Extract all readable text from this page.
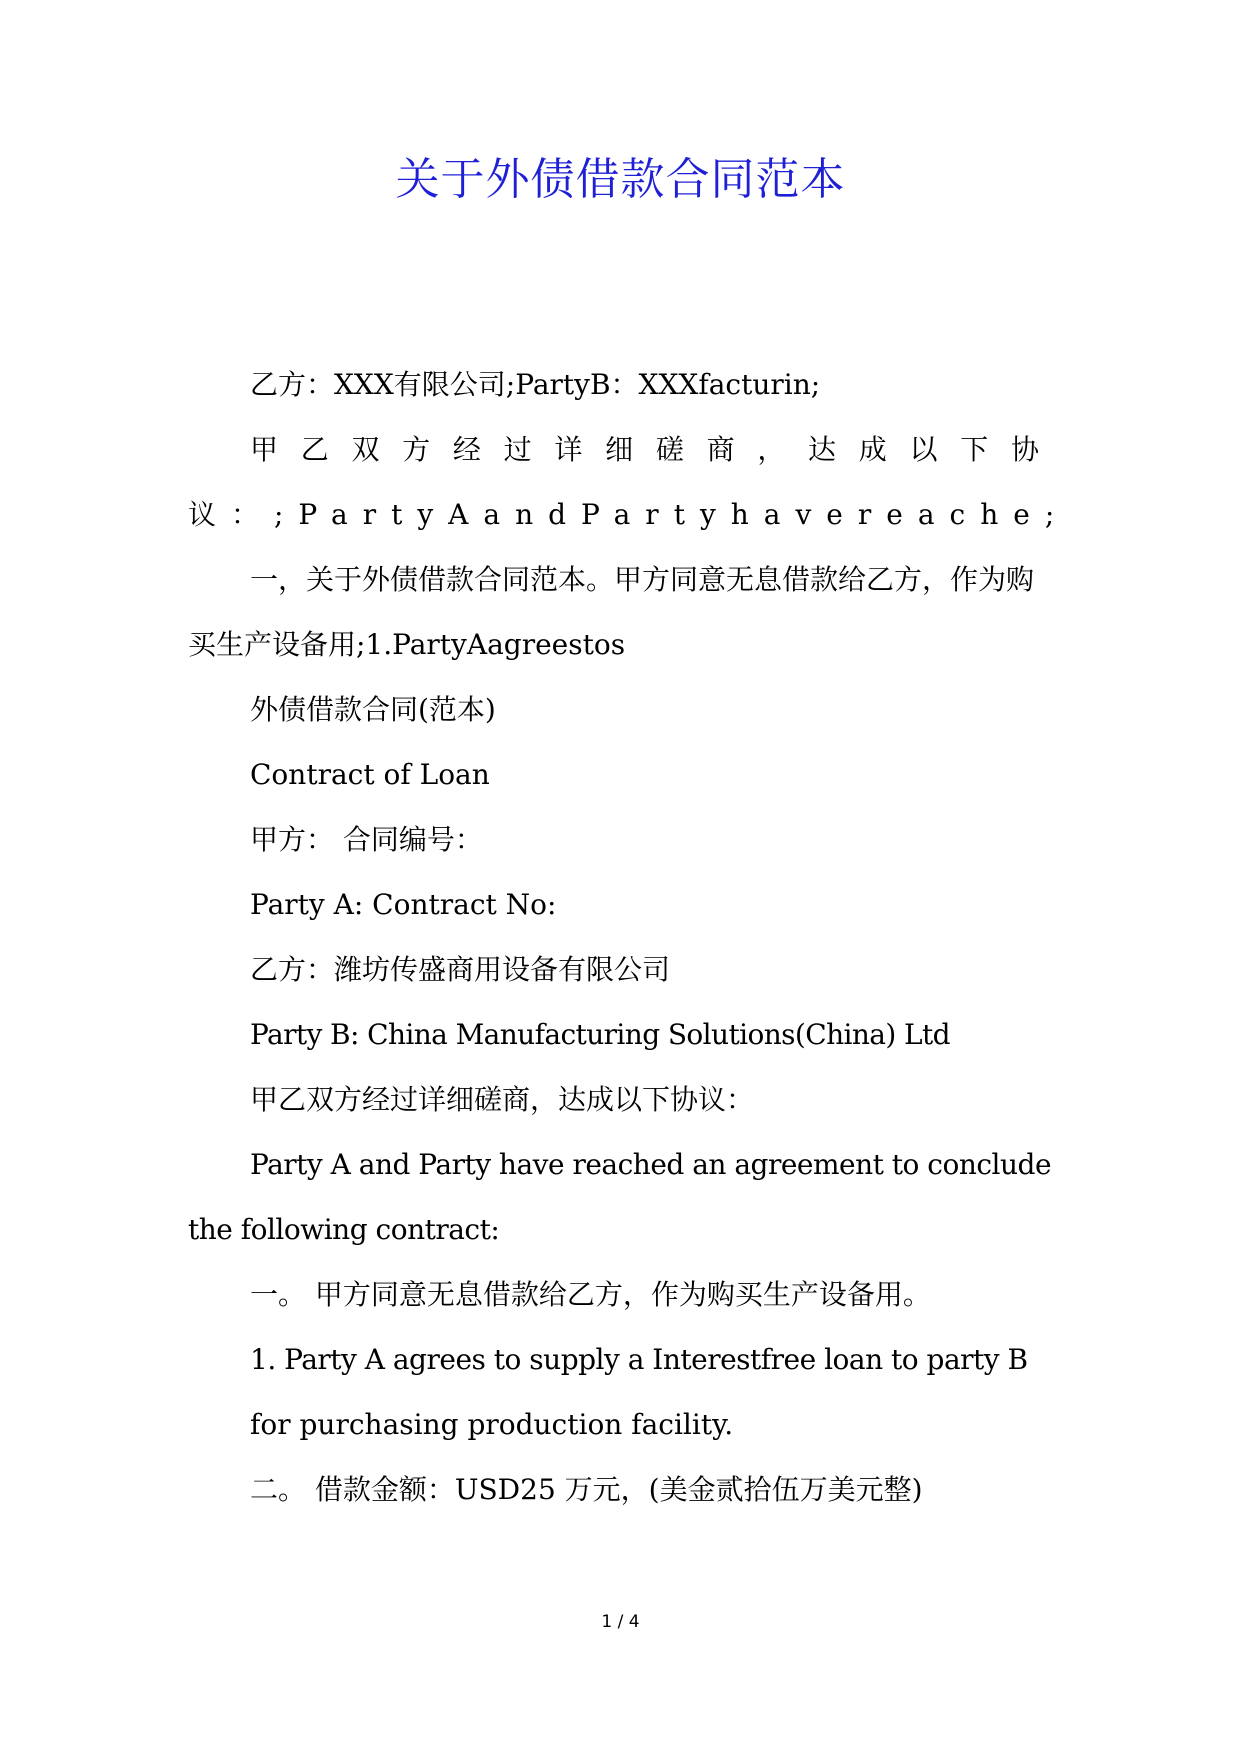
关于外债借款合同范本

乙方：XXX有限公司;PartyB：XXXfacturin;

甲乙双方经过详细磋商，达成以下协议：;PartyAandPartyhavereache;

一，关于外债借款合同范本。甲方同意无息借款给乙方，作为购买生产设备用;1.PartyAagreestos

外债借款合同(范本)

Contract of Loan

甲方： 合同编号：

Party A: Contract No:

乙方：潍坊传盛商用设备有限公司

Party B: China Manufacturing Solutions(China) Ltd

甲乙双方经过详细磋商，达成以下协议：

Party A and Party have reached an agreement to conclude the following contract:

一。 甲方同意无息借款给乙方，作为购买生产设备用。

1. Party A agrees to supply a Interestfree loan to party B

for purchasing production facility.

二。 借款金额：USD25 万元，(美金贰拾伍万美元整)

1 / 4
